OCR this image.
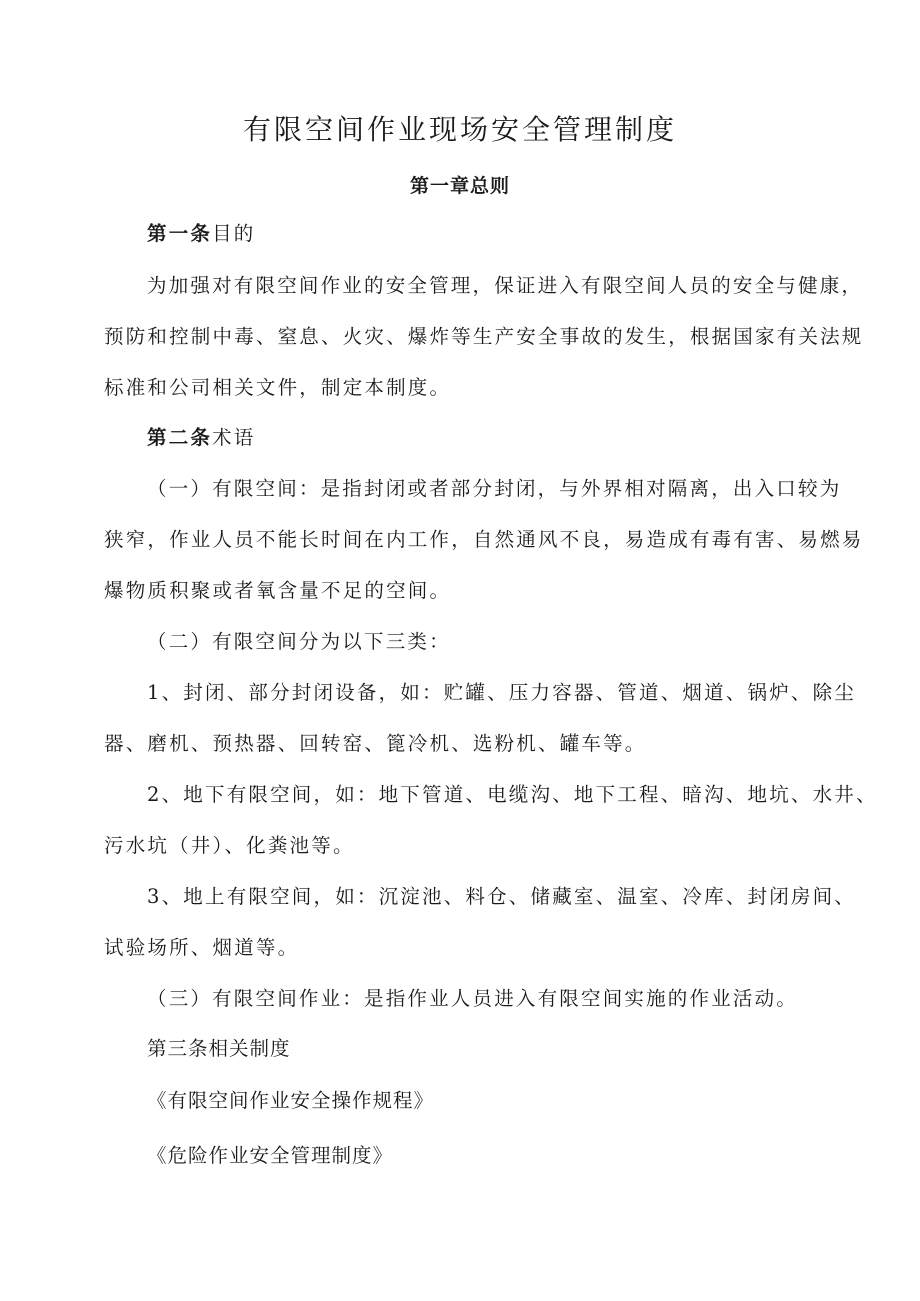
有限空间作业现场安全管理制度
第一章总则
第一条目的
为加强对有限空间作业的安全管理，保证进入有限空间人员的安全与健康，
预防和控制中毒、窒息、火灾、爆炸等生产安全事故的发生，根据国家有关法规
标准和公司相关文件，制定本制度。
第二条术语
（一）有限空间：是指封闭或者部分封闭，与外界相对隔离，出入口较为
狭窄，作业人员不能长时间在内工作，自然通风不良，易造成有毒有害、易燃易
爆物质积聚或者氧含量不足的空间。
（二）有限空间分为以下三类：
1、封闭、部分封闭设备，如：贮罐、压力容器、管道、烟道、锅炉、除尘
器、磨机、预热器、回转窑、篦冷机、选粉机、罐车等。
2、地下有限空间，如：地下管道、电缆沟、地下工程、暗沟、地坑、水井、
污水坑（井）、化粪池等。
3、地上有限空间，如：沉淀池、料仓、储藏室、温室、冷库、封闭房间、
试验场所、烟道等。
（三）有限空间作业：是指作业人员进入有限空间实施的作业活动。
第三条相关制度
《有限空间作业安全操作规程》
《危险作业安全管理制度》
